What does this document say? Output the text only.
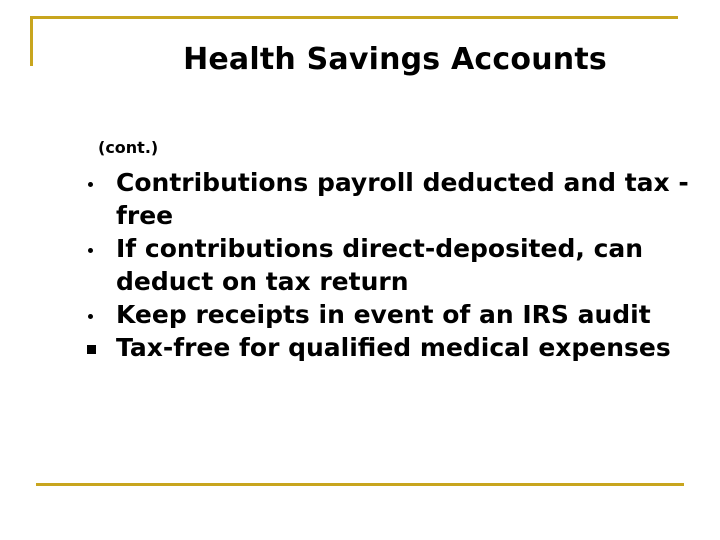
Health Savings Accounts
(cont.)
Contributions payroll deducted and tax -free
If contributions direct-deposited, can deduct on tax return
Keep receipts in event of an IRS audit
Tax-free for qualified medical expenses
